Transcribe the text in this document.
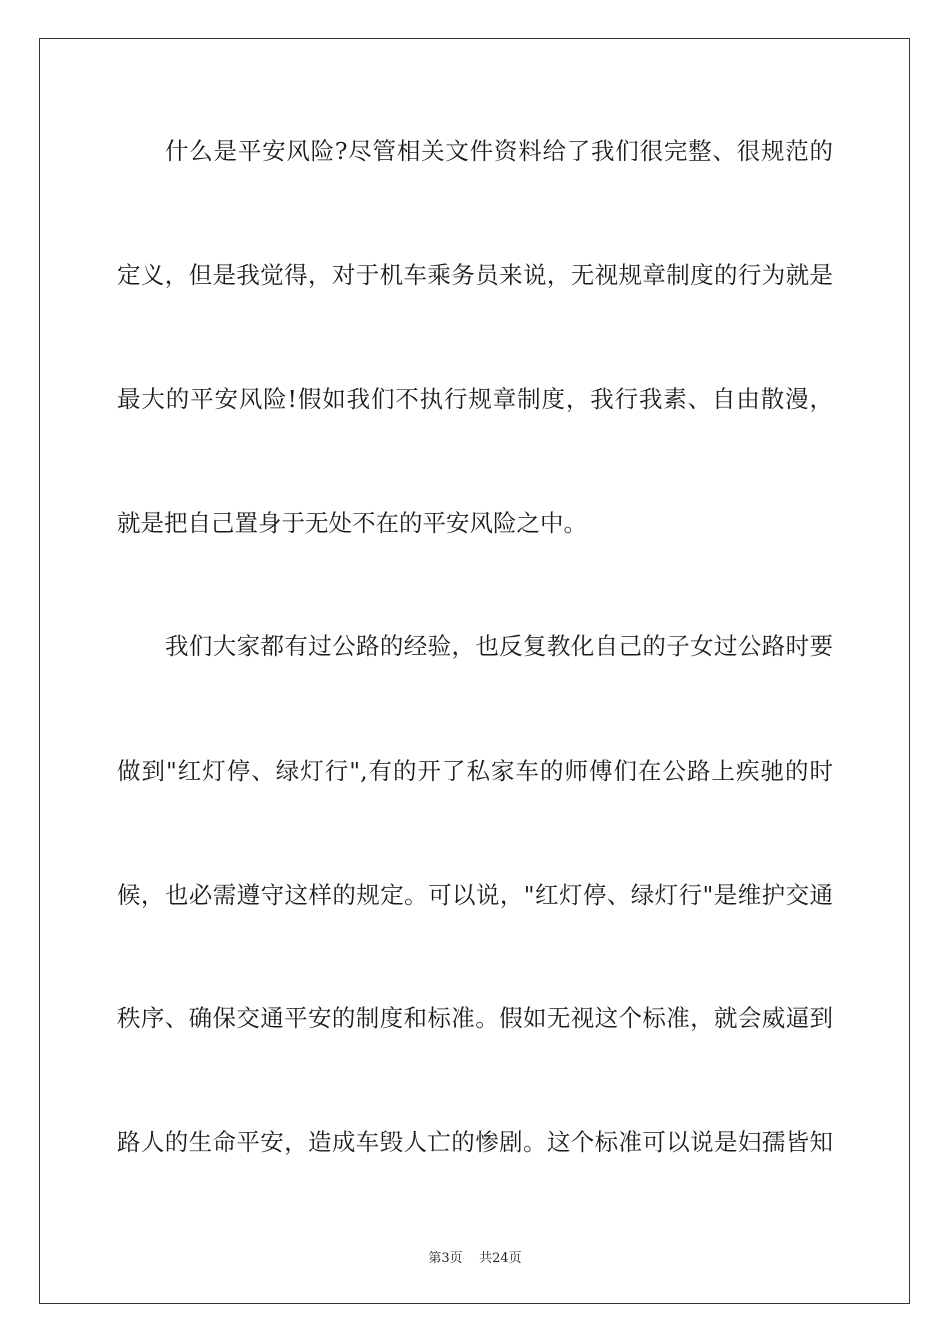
什么是平安风险?尽管相关文件资料给了我们很完整、很规范的
定义，但是我觉得，对于机车乘务员来说，无视规章制度的行为就是
最大的平安风险!假如我们不执行规章制度，我行我素、自由散漫，
就是把自己置身于无处不在的平安风险之中。
我们大家都有过公路的经验，也反复教化自己的子女过公路时要
做到"红灯停、绿灯行",有的开了私家车的师傅们在公路上疾驰的时
候，也必需遵守这样的规定。可以说，"红灯停、绿灯行"是维护交通
秩序、确保交通平安的制度和标准。假如无视这个标准，就会威逼到
路人的生命平安，造成车毁人亡的惨剧。这个标准可以说是妇孺皆知
第3页 共24页
